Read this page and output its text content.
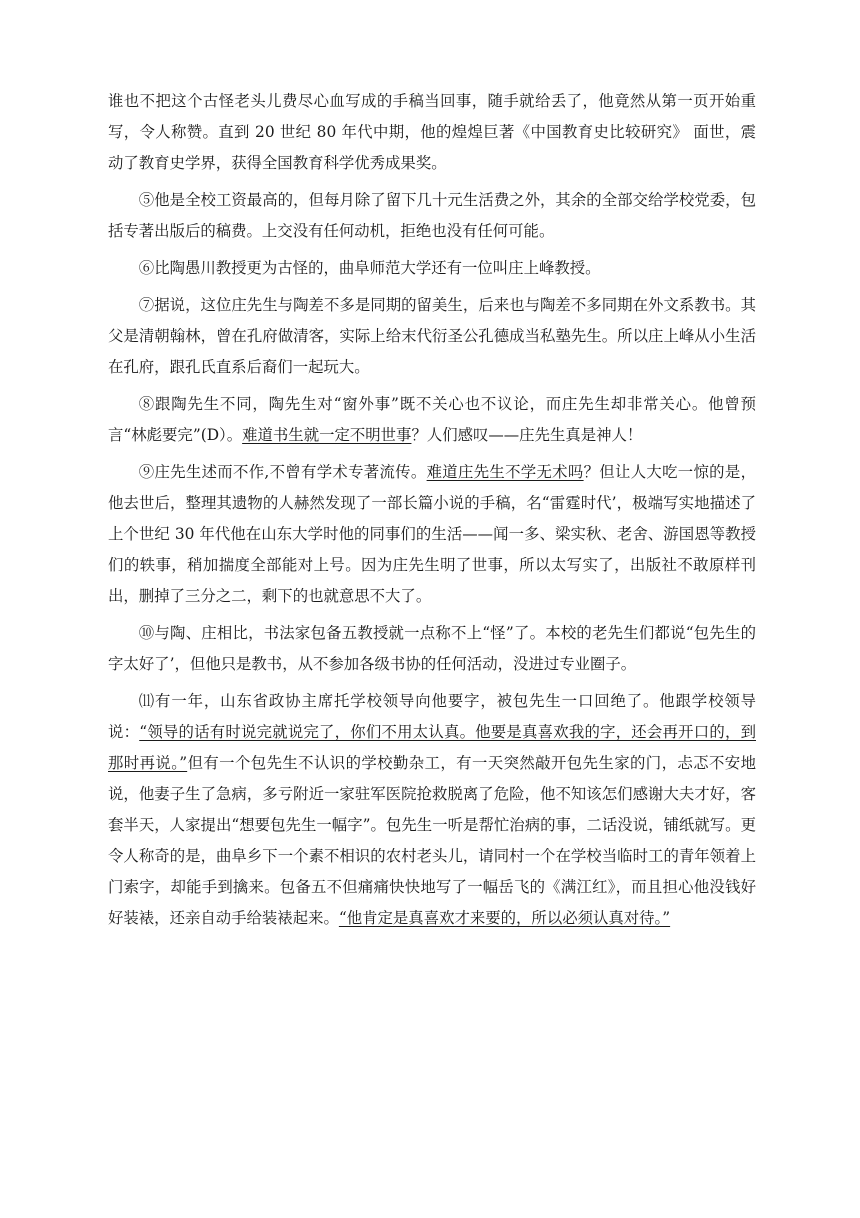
谁也不把这个古怪老头儿费尽心血写成的手稿当回事，随手就给丢了，他竟然从第一页开始重写，令人称赞。直到 20 世纪 80 年代中期，他的煌煌巨著《中国教育史比较研究》 面世，震动了教育史学界，获得全国教育科学优秀成果奖。

⑤他是全校工资最高的，但每月除了留下几十元生活费之外，其余的全部交给学校党委，包括专著出版后的稿费。上交没有任何动机，拒绝也没有任何可能。

⑥比陶愚川教授更为古怪的，曲阜师范大学还有一位叫庄上峰教授。

⑦据说，这位庄先生与陶差不多是同期的留美生，后来也与陶差不多同期在外文系教书。其父是清朝翰林，曾在孔府做清客，实际上给末代衍圣公孔德成当私塾先生。所以庄上峰从小生活在孔府，跟孔氏直系后裔们一起玩大。

⑧跟陶先生不同，陶先生对“窗外事”既不关心也不议论，而庄先生却非常关心。他曾预言“林彪要完”(D）。难道书生就一定不明世事？人们感叹——庄先生真是神人！

⑨庄先生述而不作,不曾有学术专著流传。难道庄先生不学无术吗？但让人大吃一惊的是，他去世后，整理其遗物的人赫然发现了一部长篇小说的手稿，名“雷霆时代’，极端写实地描述了上个世纪 30 年代他在山东大学时他的同事们的生活——闻一多、梁实秋、老舍、游国恩等教授们的轶事，稍加揣度全部能对上号。因为庄先生明了世事，所以太写实了，出版社不敢原样刊出，删掉了三分之二，剩下的也就意思不大了。

⑩与陶、庄相比，书法家包备五教授就一点称不上“怪”了。本校的老先生们都说“包先生的字太好了’，但他只是教书，从不参加各级书协的任何活动，没进过专业圈子。

⑾有一年，山东省政协主席托学校领导向他要字，被包先生一口回绝了。他跟学校领导说：“领导的话有时说完就说完了，你们不用太认真。他要是真喜欢我的字，还会再开口的，到那时再说。”但有一个包先生不认识的学校勤杂工，有一天突然敲开包先生家的门，忐忑不安地说，他妻子生了急病，多亏附近一家驻军医院抢救脱离了危险，他不知该怎们感谢大夫才好，客套半天，人家提出“想要包先生一幅字”。包先生一听是帮忙治病的事，二话没说，铺纸就写。更令人称奇的是，曲阜乡下一个素不相识的农村老头儿，请同村一个在学校当临时工的青年领着上门索字，却能手到擒来。包备五不但痛痛快快地写了一幅岳飞的《满江红》，而且担心他没钱好好装裱，还亲自动手给装裱起来。“他肯定是真喜欢才来要的，所以必须认真对待。”
